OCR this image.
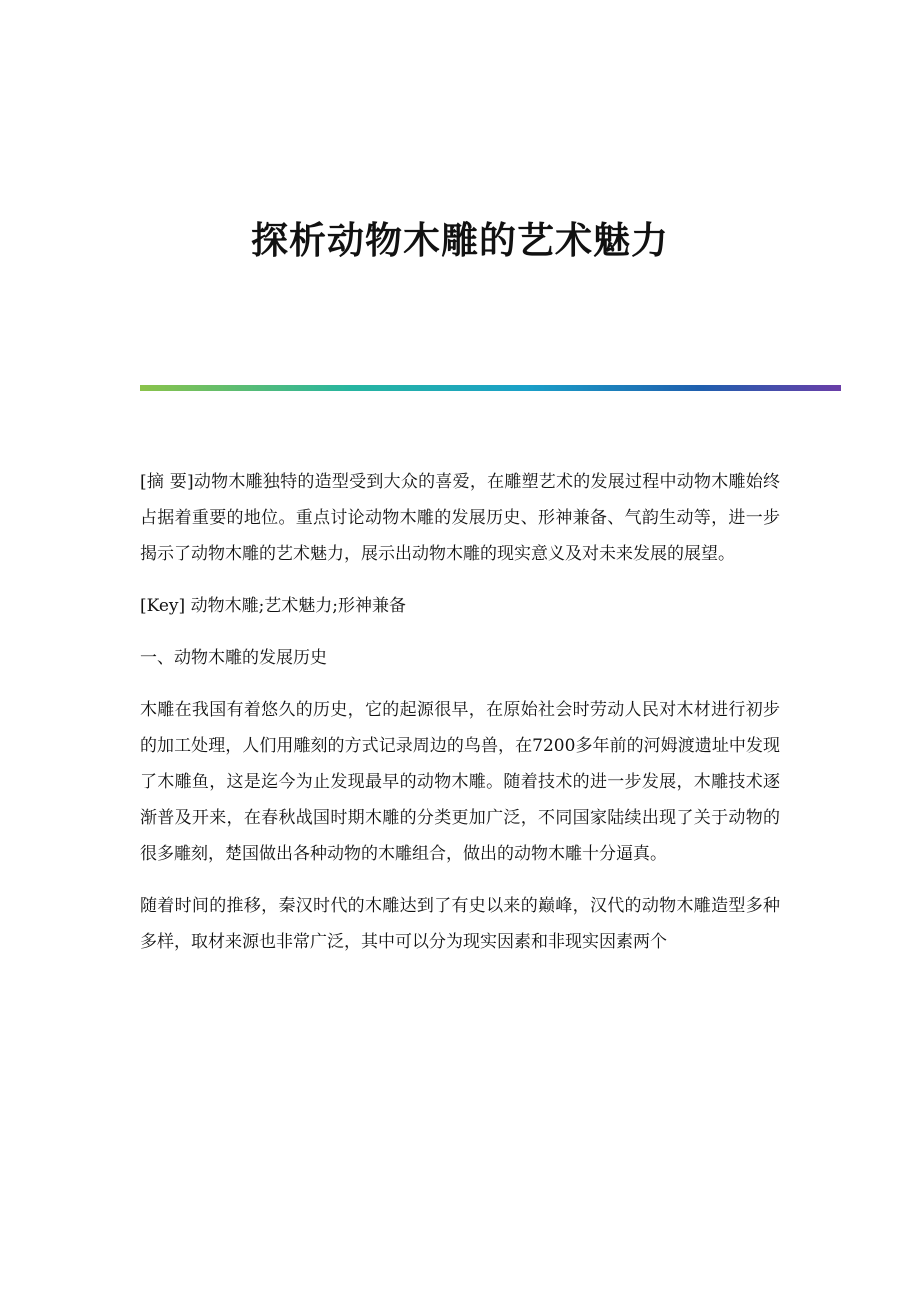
探析动物木雕的艺术魅力

[摘 要]动物木雕独特的造型受到大众的喜爱，在雕塑艺术的发展过程中动物木雕始终占据着重要的地位。重点讨论动物木雕的发展历史、形神兼备、气韵生动等，进一步揭示了动物木雕的艺术魅力，展示出动物木雕的现实意义及对未来发展的展望。

[Key] 动物木雕;艺术魅力;形神兼备

一、动物木雕的发展历史

木雕在我国有着悠久的历史，它的起源很早，在原始社会时劳动人民对木材进行初步的加工处理，人们用雕刻的方式记录周边的鸟兽，在7200多年前的河姆渡遗址中发现了木雕鱼，这是迄今为止发现最早的动物木雕。随着技术的进一步发展，木雕技术逐渐普及开来，在春秋战国时期木雕的分类更加广泛，不同国家陆续出现了关于动物的很多雕刻，楚国做出各种动物的木雕组合，做出的动物木雕十分逼真。

随着时间的推移，秦汉时代的木雕达到了有史以来的巅峰，汉代的动物木雕造型多种多样，取材来源也非常广泛，其中可以分为现实因素和非现实因素两个
